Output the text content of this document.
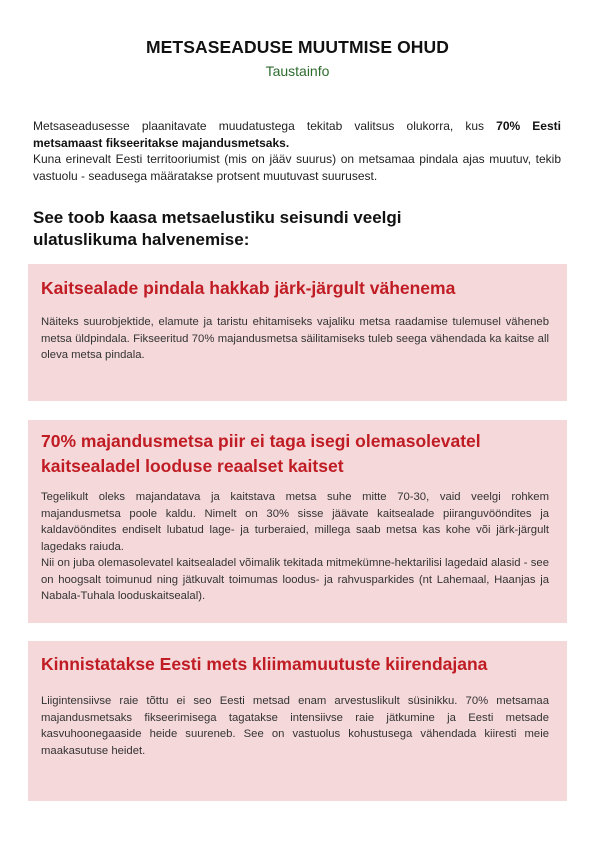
METSASEADUSE MUUTMISE OHUD
Taustainfo

Metsaseadusesse plaanitavate muudatustega tekitab valitsus olukorra, kus 70% Eesti metsamaast fikseeritakse majandusmetsaks.

Kuna erinevalt Eesti territooriumist (mis on jääv suurus) on metsamaa pindala ajas muutuv, tekib vastuolu - seadusega määratakse protsent muutuvast suurusest.

See toob kaasa metsaelustiku seisundi veelgi ulatuslikuma halvenemise:
Kaitsealade pindala hakkab järk-järgult vähenema
Näiteks suurobjektide, elamute ja taristu ehitamiseks vajaliku metsa raadamise tulemusel väheneb metsa üldpindala. Fikseeritud 70% majandusmetsa säilitamiseks tuleb seega vähendada ka kaitse all oleva metsa pindala.
70% majandusmetsa piir ei taga isegi olemasolevatel kaitsealadel looduse reaalset kaitset
Tegelikult oleks majandatava ja kaitstava metsa suhe mitte 70-30, vaid veelgi rohkem majandusmetsa poole kaldu. Nimelt on 30% sisse jäävate kaitsealade piiranguvööndites ja kaldavööndites endiselt lubatud lage- ja turberaied, millega saab metsa kas kohe või järk-järgult lagedaks raiuda.
Nii on juba olemasolevatel kaitsealadel võimalik tekitada mitmekümne-hektarilisi lagedaid alasid - see on hoogsalt toimunud ning jätkuvalt toimumas loodus- ja rahvusparkides (nt Lahemaal, Haanjas ja Nabala-Tuhala looduskaitsealal).
Kinnistatakse Eesti mets kliimamuutuste kiirendajana
Liigintensiivse raie tõttu ei seo Eesti metsad enam arvestuslikult süsinikku. 70% metsamaa majandusmetsaks fikseerimisega tagatakse intensiivse raie jätkumine ja Eesti metsade kasvuhoonegaaside heide suureneb. See on vastuolus kohustusega vähendada kiiresti meie maakasutuse heidet.
